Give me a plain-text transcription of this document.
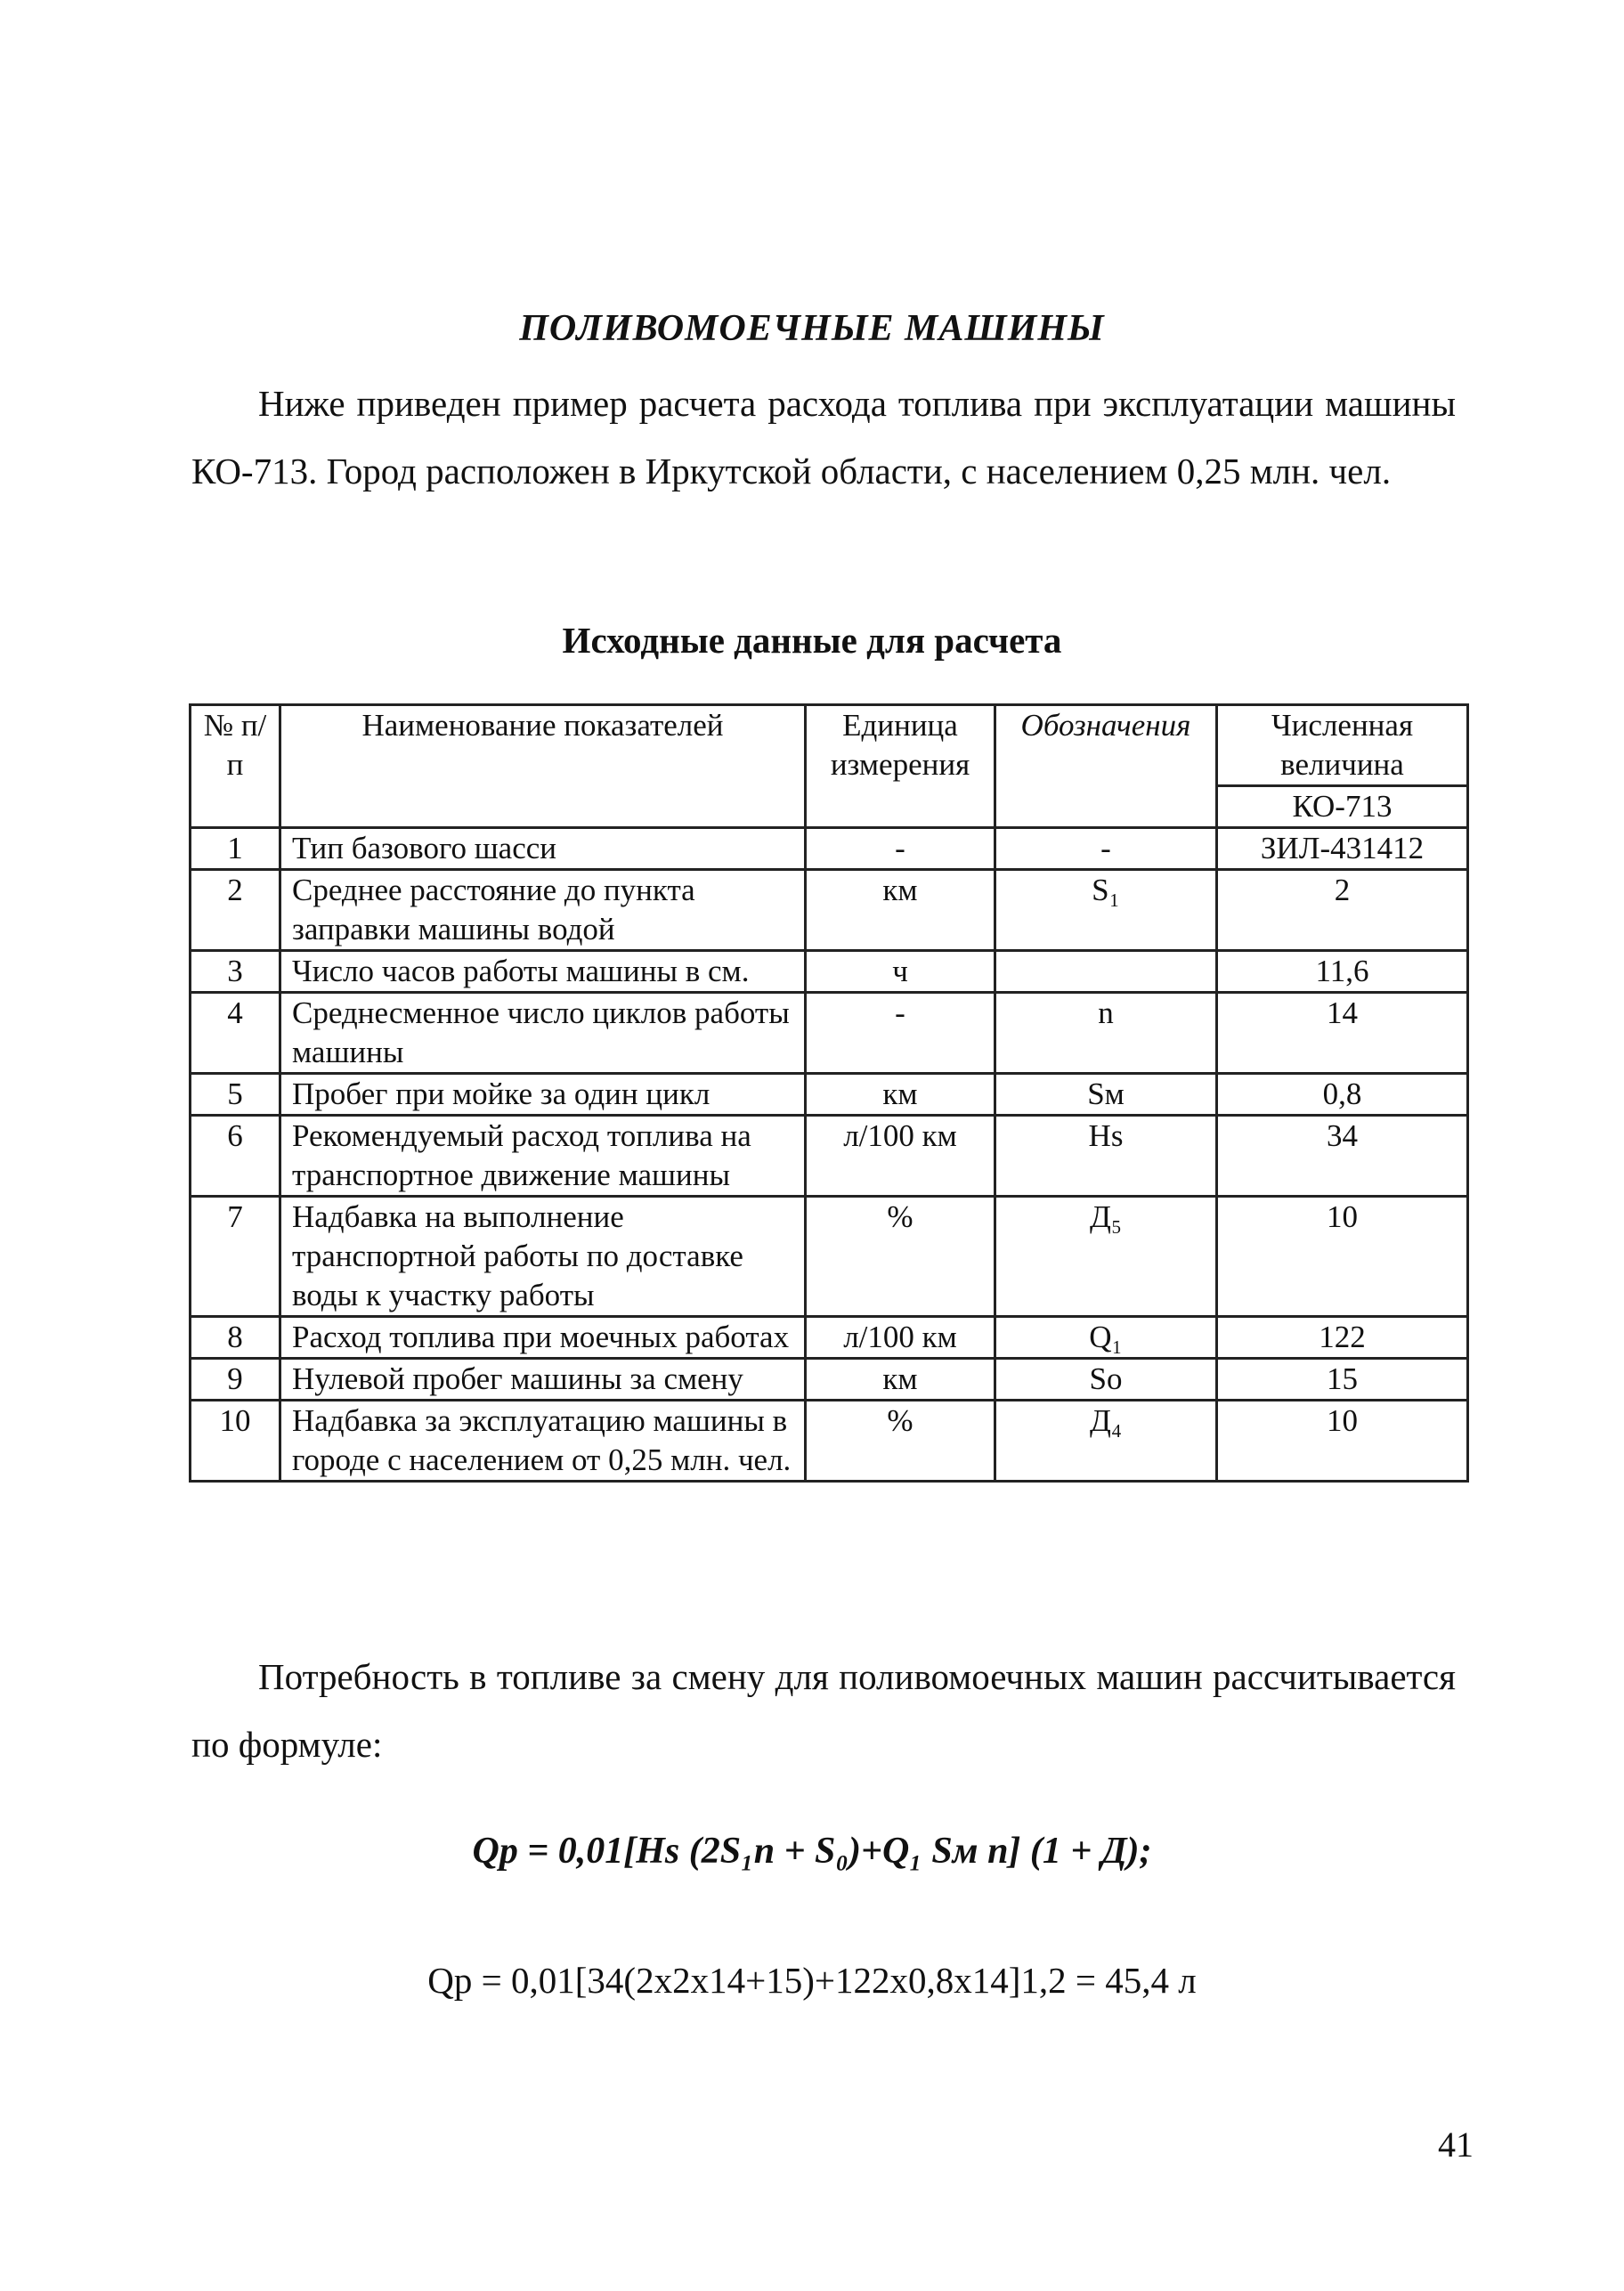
ПОЛИВОМОЕЧНЫЕ МАШИНЫ

Ниже приведен пример расчета расхода топлива при эксплуатации машины КО-713. Город расположен в Иркутской области, с населением 0,25 млн. чел.

Исходные данные для расчета
№ п/п	Наименование показателей	Единица измерения	Обозначения	Численная величина
				КО-713
1	Тип базового шасси	-	-	ЗИЛ-431412
2	Среднее расстояние до пункта заправки машины водой	км	S₁	2
3	Число часов работы машины в см.	ч		11,6
4	Среднесменное число циклов работы машины	-	n	14
5	Пробег при мойке за один цикл	км	Sм	0,8
6	Рекомендуемый расход топлива на транспортное движение машины	л/100 км	Hs	34
7	Надбавка на выполнение транспортной работы по доставке воды к участку работы	%	Д₅	10
8	Расход топлива при моечных работах	л/100 км	Q₁	122
9	Нулевой пробег машины за смену	км	So	15
10	Надбавка за эксплуатацию машины в городе с населением от 0,25 млн. чел.	%	Д₄	10

Потребность в топливе за смену для поливомоечных машин рассчитывается по формуле:

Qр = 0,01[Hs (2S₁n + S₀)+Q₁ Sм n] (1 + Д);
Qр = 0,01[34(2x2x14+15)+122x0,8x14]1,2 = 45,4 л
41
